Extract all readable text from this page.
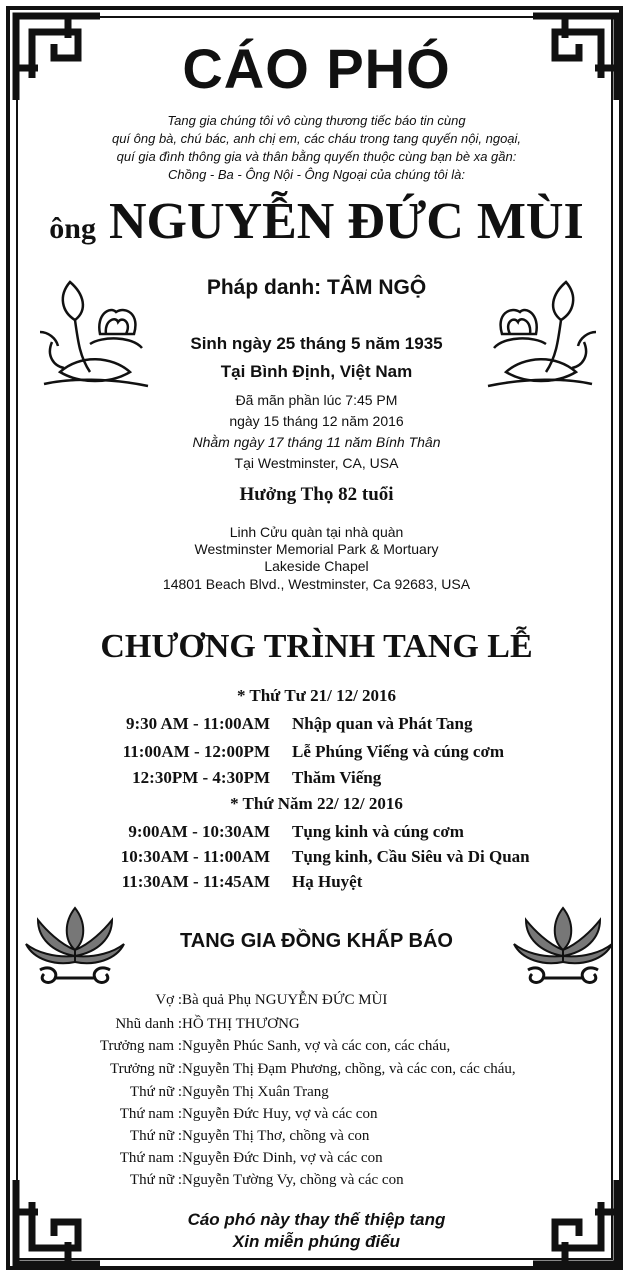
CÁO PHÓ
Tang gia chúng tôi vô cùng thương tiếc báo tin cùng
quí ông bà, chú bác, anh chị em, các cháu trong tang quyến nội, ngoại,
quí gia đình thông gia và thân bằng quyến thuộc cùng bạn bè xa gần:
Chồng - Ba - Ông Nội - Ông Ngoại của chúng tôi là:
ông NGUYỄN ĐỨC MÙI
Pháp danh: TÂM NGỘ
Sinh ngày 25 tháng 5 năm 1935
Tại Bình Định, Việt Nam
Đã mãn phần lúc 7:45 PM
ngày 15 tháng 12 năm 2016
Nhằm ngày 17 tháng 11 năm Bính Thân
Tại Westminster, CA, USA
Hưởng Thọ 82 tuổi
Linh Cửu quàn tại nhà quàn
Westminster Memorial Park & Mortuary
Lakeside Chapel
14801 Beach Blvd., Westminster, Ca 92683, USA
CHƯƠNG TRÌNH TANG LỄ
* Thứ Tư 21/ 12/ 2016
9:30 AM - 11:00AM Nhập quan và Phát Tang
11:00AM - 12:00PM Lễ Phúng Viếng và cúng cơm
12:30PM - 4:30PM Thăm Viếng
* Thứ Năm 22/ 12/ 2016
9:00AM - 10:30AM Tụng kinh và cúng cơm
10:30AM - 11:00AM Tụng kinh, Cầu Siêu và Di Quan
11:30AM - 11:45AM Hạ Huyệt
TANG GIA ĐỒNG KHẤP BÁO
Vợ : Bà quả Phụ NGUYỄN ĐỨC MÙI
Nhũ danh : HỒ THỊ THƯƠNG
Trưởng nam : Nguyễn Phúc Sanh, vợ và các con, các cháu,
Trưởng nữ : Nguyễn Thị Đạm Phương, chồng, và các con, các cháu,
Thứ nữ : Nguyễn Thị Xuân Trang
Thứ nam : Nguyễn Đức Huy, vợ và các con
Thứ nữ : Nguyễn Thị Thơ, chồng và con
Thứ nam : Nguyễn Đức Dinh, vợ và các con
Thứ nữ : Nguyễn Tường Vy, chồng và các con
Cáo phó này thay thế thiệp tang
Xin miễn phúng điếu
